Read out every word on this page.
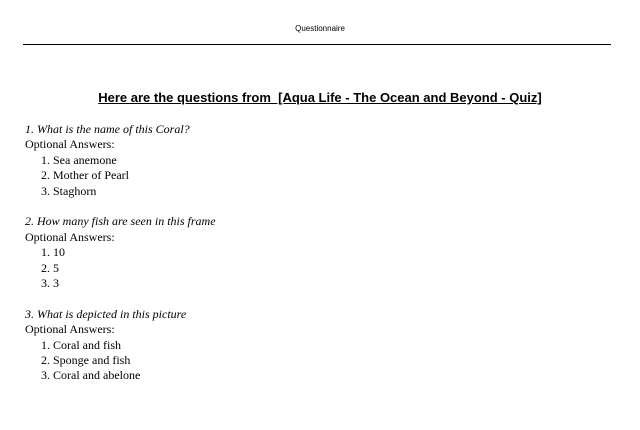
Questionnaire
Here are the questions from  [Aqua Life - The Ocean and Beyond - Quiz]
1. What is the name of this Coral?
Optional Answers:
1. Sea anemone
2. Mother of Pearl
3. Staghorn
2. How many fish are seen in this frame
Optional Answers:
1. 10
2. 5
3. 3
3. What is depicted in this picture
Optional Answers:
1. Coral and fish
2. Sponge and fish
3. Coral and abelone
